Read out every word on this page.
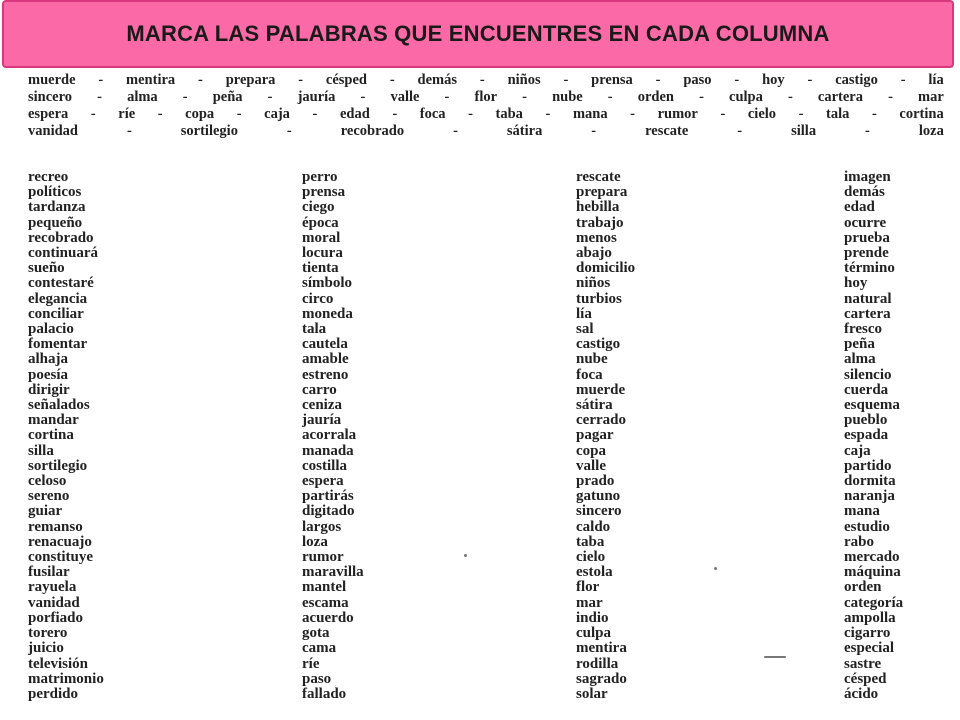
MARCA LAS PALABRAS QUE ENCUENTRES EN CADA COLUMNA
muerde - mentira - prepara - césped - demás - niños - prensa - paso - hoy - castigo - lía
sincero - alma - peña - jauría - valle - flor - nube - orden - culpa - cartera - mar
espera - ríe - copa - caja - edad - foca - taba - mana - rumor - cielo - tala - cortina
vanidad	-	sortilegio	-	recobrado	-	sátira	-	rescate	-	silla	-	loza
recreo
políticos
tardanza
pequeño
recobrado
continuará
sueño
contestaré
elegancia
conciliar
palacio
fomentar
alhaja
poesía
dirigir
señalados
mandar
cortina
silla
sortilegio
celoso
sereno
guiar
remanso
renacuajo
constituye
fusilar
rayuela
vanidad
porfiado
torero
juicio
televisión
matrimonio
perdido
perro
prensa
ciego
época
moral
locura
tienta
símbolo
circo
moneda
tala
cautela
amable
estreno
carro
ceniza
jauría
acorrala
manada
costilla
espera
partirás
digitado
largos
loza
rumor
maravilla
mantel
escama
acuerdo
gota
cama
ríe
paso
fallado
rescate
prepara
hebilla
trabajo
menos
abajo
domicilio
niños
turbios
lía
sal
castigo
nube
foca
muerde
sátira
cerrado
pagar
copa
valle
prado
gatuno
sincero
caldo
taba
cielo
estola
flor
mar
indio
culpa
mentira
rodilla
sagrado
solar
imagen
demás
edad
ocurre
prueba
prende
término
hoy
natural
cartera
fresco
peña
alma
silencio
cuerda
esquema
pueblo
espada
caja
partido
dormita
naranja
mana
estudio
rabo
mercado
máquina
orden
categoría
ampolla
cigarro
especial
sastre
césped
ácido
